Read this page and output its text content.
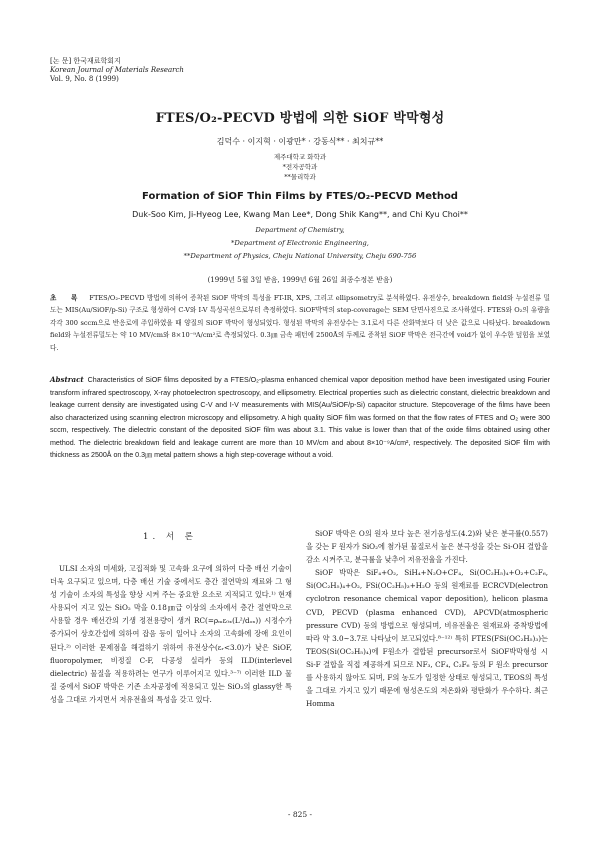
[논 문] 한국재료학회지
Korean Journal of Materials Research
Vol. 9, No. 8 (1999)
FTES/O₂-PECVD 방법에 의한 SiOF 박막형성
김덕수 · 이지혁 · 이광만* · 강동식** · 최치규**
제주대학교 화학과
*전자공학과
**물리학과
Formation of SiOF Thin Films by FTES/O₂-PECVD Method
Duk-Soo Kim, Ji-Hyeog Lee, Kwang Man Lee*, Dong Shik Kang**, and Chi Kyu Choi**
Department of Chemistry,
*Department of Electronic Engineering,
**Department of Physics, Cheju National University, Cheju 690-756
(1999년 5월 3일 받음, 1999년 6월 26일 최종수정본 받음)
초 록 FTES/O₂-PECVD 방법에 의하여 증착된 SiOF 박막의 특성을 FT-IR, XPS, 그리고 ellipsometry로 분석하였다. 유전상수, breakdown field와 누설전류 밀도는 MIS(Au/SiOF/p-Si) 구조로 형성하여 C-V와 I-V 특성곡선으로부터 측정하였다. SiOF박막의 step-coverage는 SEM 단면사진으로 조사하였다. FTES와 O₂의 유량을 각각 300 sccm으로 반응로에 주입하였을 때 양질의 SiOF 박막이 형성되었다. 형성된 박막의 유전상수는 3.1로서 다른 산화막보다 더 낮은 값으로 나타났다. breakdown field와 누설전류밀도는 약 10 MV/cm와 8×10⁻⁹A/cm²로 측정되었다. 0.3㎛ 금속 패턴에 2500Å의 두께로 증착된 SiOF 박막은 전극간에 void가 없이 우수한 덮힘을 보였다.
Abstract Characteristics of SiOF films deposited by a FTES/O₂-plasma enhanced chemical vapor deposition method have been investigated using Fourier transform infrared spectroscopy, X-ray photoelectron spectroscopy, and ellipsometry. Electrical properties such as dielectric constant, dielectric breakdown and leakage current density are investigated using C-V and I-V measurements with MIS(Au/SiOF/p-Si) capacitor structure. Stepcoverage of the films have been also characterized using scanning electron microscopy and ellipsometry. A high quality SiOF film was formed on that the flow rates of FTES and O₂ were 300 sccm, respectively. The dielectric constant of the deposited SiOF film was about 3.1. This value is lower than that of the oxide films obtained using other method. The dielectric breakdown field and leakage current are more than 10 MV/cm and about 8×10⁻⁹A/cm², respectively. The deposited SiOF film with thickness as 2500Å on the 0.3㎛ metal pattern shows a high step-coverage without a void.
1. 서 론
ULSI 소자의 미세화, 고집적화 및 고속화 요구에 의하여 다층 배선 기술이 더욱 요구되고 있으며, 다층 배선 기술 중에서도 층간 절연막의 재료와 그 형성 기술이 소자의 특성을 향상 시켜 주는 중요한 요소로 지적되고 있다.¹⁾ 현재 사용되어 지고 있는 SiO₂ 막을 0.18㎛급 이상의 소자에서 층간 절연막으로 사용할 경우 배선간의 기생 정전용량이 생겨 RC(=ρₘε₀ₓ(L²/dₒₓ)) 시정수가 증가되어 상호간섭에 의하여 잡음 등이 일어나 소자의 고속화에 장애 요인이 된다.²⁾ 이러한 문제점을 해결하기 위하여 유전상수(εᵣ<3.0)가 낮은 SiOF, fluoropolymer, 비정질 C-F, 다공성 실리카 등의 ILD(interlevel dielectric) 물질을 적용하려는 연구가 이루어지고 있다.³⁻⁷⁾ 이러한 ILD 물질 중에서 SiOF 박막은 기존 소자공정에 적용되고 있는 SiO₂의 glassy한 특성을 그대로 가지면서 저유전율의 특성을 갖고 있다.

SiOF 박막은 O의 원자 보다 높은 전기음성도(4.2)와 낮은 분극률(0.557)을 갖는 F 원자가 SiO₂에 첨가된 물질로서 높은 분극성을 갖는 Si-OH 결합을 감소 시켜주고, 분극률을 낮추어 저유전율을 가진다.

SiOF 박막은 SiF₄+O₂, SiH₄+N₂O+CF₄, Si(OC₂H₅)₄+O₂+C₂F₆, Si(OC₂H₅)₄+O₂, FSi(OC₂H₅)₃+H₂O 등의 원재료를 ECRCVD(electron cyclotron resonance chemical vapor deposition), helicon plasma CVD, PECVD (plasma enhanced CVD), APCVD(atmospheric pressure CVD) 등의 방법으로 형성되며, 비유전율은 원재료와 증착방법에 따라 약 3.0~3.7로 나타났이 보고되었다.⁸⁻¹²⁾ 특히 FTES(FSi(OC₂H₅)₃)는 TEOS(Si(OC₂H₅)₄)에 F원소가 결합된 precursor로서 SiOF박막형성 시 Si-F 결합을 직접 제공하게 되므로 NF₃, CF₄, C₂F₆ 등의 F 원소 precursor를 사용하지 않아도 되며, F의 농도가 일정한 상태로 형성되고, TEOS의 특성을 그대로 가지고 있기 때문에 형성온도의 저온화와 평탄화가 우수하다. 최근 Homma

- 825 -
